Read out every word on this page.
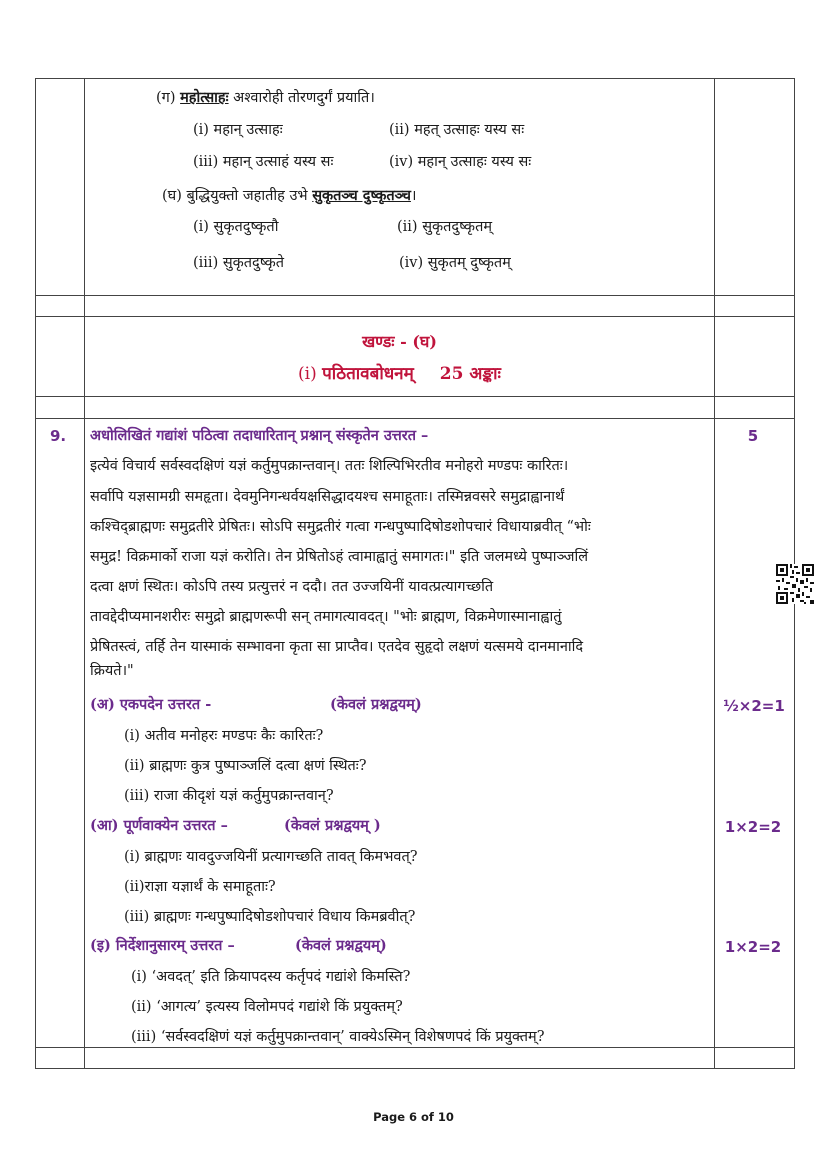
(ग) महोत्साहः अश्वारोही तोरणदुर्गं प्रयाति।
(i) महान् उत्साहः	(ii) महत् उत्साहः यस्य सः
(iii) महान् उत्साहं यस्य सः	(iv) महान् उत्साहः यस्य सः
(घ) बुद्धियुक्तो जहातीह उभे सुकृतञ्च दुष्कृतञ्च।
(i) सुकृतदुष्कृतौ	(ii) सुकृतदुष्कृतम्
(iii) सुकृतदुष्कृते	(iv) सुकृतम् दुष्कृतम्
खण्डः - (घ)
(i) पठितावबोधनम् 25 अङ्काः
9. अधोलिखितं गद्यांशं पठित्वा तदाधारितान् प्रश्नान् संस्कृतेन उत्तरत –	5
इत्येवं विचार्य सर्वस्वदक्षिणं यज्ञं कर्तुमुपक्रान्तवान्। ततः शिल्पिभिरतीव मनोहरो मण्डपः कारितः।
सर्वापि यज्ञसामग्री समहृता। देवमुनिगन्धर्वयक्षसिद्धादयश्च समाहूताः। तस्मिन्नवसरे समुद्राह्वानार्थं
कश्चिद्ब्राह्मणः समुद्रतीरे प्रेषितः। सोऽपि समुद्रतीरं गत्वा गन्धपुष्पादिषोडशोपचारं विधायाब्रवीत् “भोः
समुद्र! विक्रमार्को राजा यज्ञं करोति। तेन प्रेषितोऽहं त्वामाह्वातुं समागतः।" इति जलमध्ये पुष्पाञ्जलिं
दत्वा क्षणं स्थितः। कोऽपि तस्य प्रत्युत्तरं न ददौ। तत उज्जयिनीं यावत्प्रत्यागच्छति
तावद्देदीप्यमानशरीरः समुद्रो ब्राह्मणरूपी सन् तमागत्यावदत्। "भोः ब्राह्मण, विक्रमेणास्मानाह्वातुं
प्रेषितस्त्वं, तर्हि तेन यास्माकं सम्भावना कृता सा प्राप्तैव। एतदेव सुहृदो लक्षणं यत्समये दानमानादि
क्रियते।"
(अ) एकपदेन उत्तरत -	(केवलं प्रश्नद्वयम्)	½×2=1
(i) अतीव मनोहरः मण्डपः कैः कारितः?
(ii) ब्राह्मणः कुत्र पुष्पाञ्जलिं दत्वा क्षणं स्थितः?
(iii) राजा कीदृशं यज्ञं कर्तुमुपक्रान्तवान्?
(आ) पूर्णवाक्येन उत्तरत –	(केवलं प्रश्नद्वयम् )	1×2=2
(i) ब्राह्मणः यावदुज्जयिनीं प्रत्यागच्छति तावत् किमभवत्?
(ii)राज्ञा यज्ञार्थं के समाहूताः?
(iii) ब्राह्मणः गन्धपुष्पादिषोडशोपचारं विधाय किमब्रवीत्?
(इ) निर्देशानुसारम् उत्तरत –	(केवलं प्रश्नद्वयम्)	1×2=2
(i) ‘अवदत्’ इति क्रियापदस्य कर्तृपदं गद्यांशे किमस्ति?
(ii) ‘आगत्य’ इत्यस्य विलोमपदं गद्यांशे किं प्रयुक्तम्?
(iii) ‘सर्वस्वदक्षिणं यज्ञं कर्तुमुपक्रान्तवान्’ वाक्येऽस्मिन् विशेषणपदं किं प्रयुक्तम्?
Page 6 of 10
